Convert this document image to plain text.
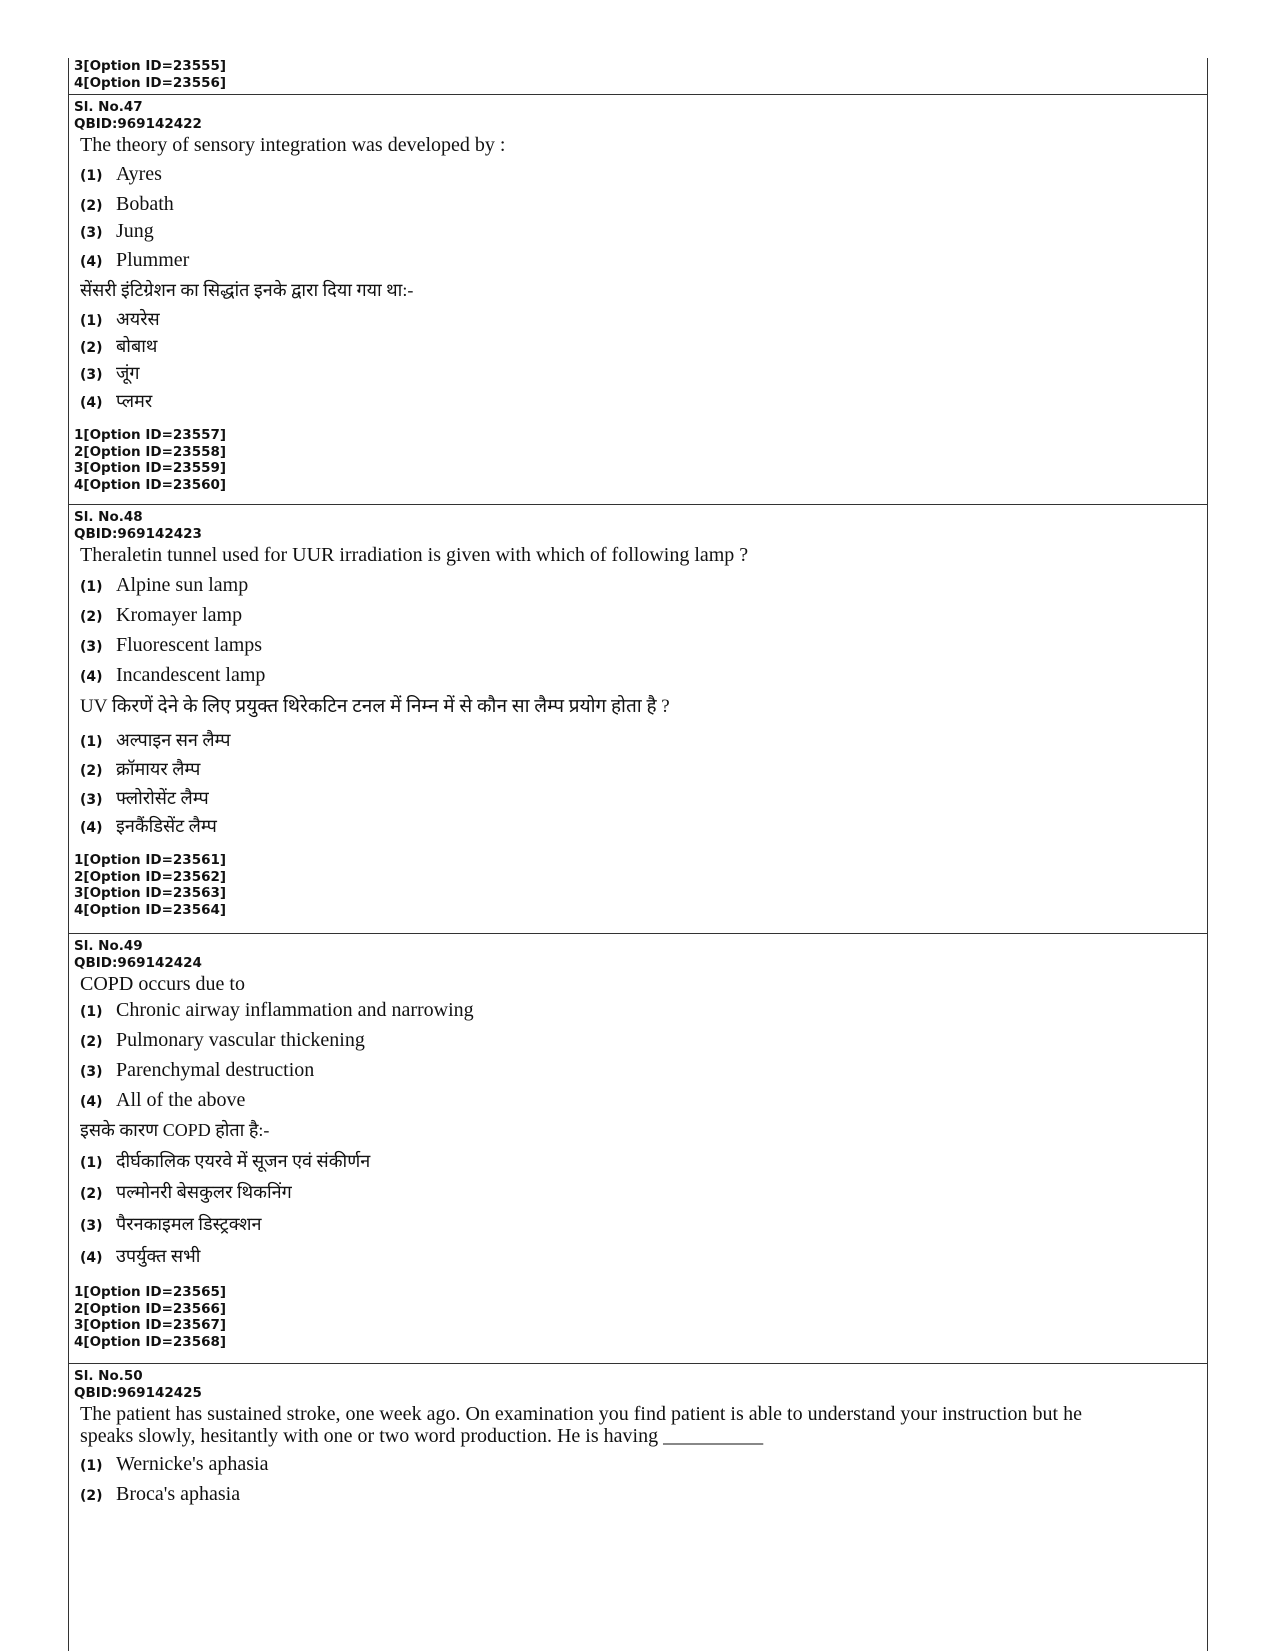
3[Option ID=23555]
4[Option ID=23556]
Sl. No.47
QBID:969142422
The theory of sensory integration was developed by :
(1) Ayres
(2) Bobath
(3) Jung
(4) Plummer
सेंसरी इंटिग्रेशन का सिद्धांत इनके द्वारा दिया गया था:-
(1) अयरेस
(2) बोबाथ
(3) जूंग
(4) प्लमर
1[Option ID=23557]
2[Option ID=23558]
3[Option ID=23559]
4[Option ID=23560]
Sl. No.48
QBID:969142423
Theraletin tunnel used for UUR irradiation is given with which of following lamp ?
(1) Alpine sun lamp
(2) Kromayer lamp
(3) Fluorescent lamps
(4) Incandescent lamp
UV किरणें देने के लिए प्रयुक्त थिरेकटिन टनल में निम्न में से कौन सा लैम्प प्रयोग होता है ?
(1) अल्पाइन सन लैम्प
(2) क्रॉमायर लैम्प
(3) फ्लोरोसेंट लैम्प
(4) इनकैंडिसेंट लैम्प
1[Option ID=23561]
2[Option ID=23562]
3[Option ID=23563]
4[Option ID=23564]
Sl. No.49
QBID:969142424
COPD occurs due to
(1) Chronic airway inflammation and narrowing
(2) Pulmonary vascular thickening
(3) Parenchymal destruction
(4) All of the above
इसके कारण COPD होता है:-
(1) दीर्घकालिक एयरवे में सूजन एवं संकीर्णन
(2) पल्मोनरी बेसकुलर थिकनिंग
(3) पैरनकाइमल डिस्ट्रक्शन
(4) उपर्युक्त सभी
1[Option ID=23565]
2[Option ID=23566]
3[Option ID=23567]
4[Option ID=23568]
Sl. No.50
QBID:969142425
The patient has sustained stroke, one week ago. On examination you find patient is able to understand your instruction but he speaks slowly, hesitantly with one or two word production. He is having __________
(1) Wernicke's aphasia
(2) Broca's aphasia
